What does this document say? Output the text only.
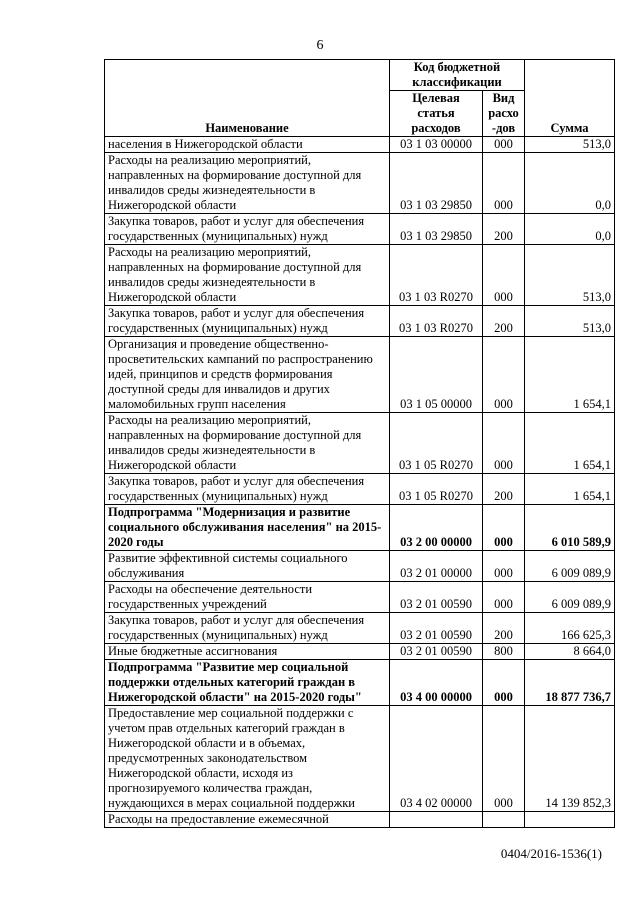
6
Наименование	Код бюджетной классификации		Сумма
	Целевая статья расходов	Вид расхо -дов	
населения в Нижегородской области	03 1 03 00000	000	513,0
Расходы на реализацию мероприятий, направленных на формирование доступной для инвалидов среды жизнедеятельности в Нижегородской области	03 1 03 29850	000	0,0
Закупка товаров, работ и услуг для обеспечения государственных (муниципальных) нужд	03 1 03 29850	200	0,0
Расходы на реализацию мероприятий, направленных на формирование доступной для инвалидов среды жизнедеятельности в Нижегородской области	03 1 03 R0270	000	513,0
Закупка товаров, работ и услуг для обеспечения государственных (муниципальных) нужд	03 1 03 R0270	200	513,0
Организация и проведение общественно-просветительских кампаний по распространению идей, принципов и средств формирования доступной среды для инвалидов и других маломобильных групп населения	03 1 05 00000	000	1 654,1
Расходы на реализацию мероприятий, направленных на формирование доступной для инвалидов среды жизнедеятельности в Нижегородской области	03 1 05 R0270	000	1 654,1
Закупка товаров, работ и услуг для обеспечения государственных (муниципальных) нужд	03 1 05 R0270	200	1 654,1
Подпрограмма "Модернизация и развитие социального обслуживания населения" на 2015-2020 годы	03 2 00 00000	000	6 010 589,9
Развитие эффективной системы социального обслуживания	03 2 01 00000	000	6 009 089,9
Расходы на обеспечение деятельности государственных учреждений	03 2 01 00590	000	6 009 089,9
Закупка товаров, работ и услуг для обеспечения государственных (муниципальных) нужд	03 2 01 00590	200	166 625,3
Иные бюджетные ассигнования	03 2 01 00590	800	8 664,0
Подпрограмма "Развитие мер социальной поддержки отдельных категорий граждан в Нижегородской области" на 2015-2020 годы"	03 4 00 00000	000	18 877 736,7
Предоставление мер социальной поддержки с учетом прав отдельных категорий граждан в Нижегородской области и в объемах, предусмотренных законодательством Нижегородской области, исходя из прогнозируемого количества граждан, нуждающихся в мерах социальной поддержки	03 4 02 00000	000	14 139 852,3
Расходы на предоставление ежемесячной			
0404/2016-1536(1)
